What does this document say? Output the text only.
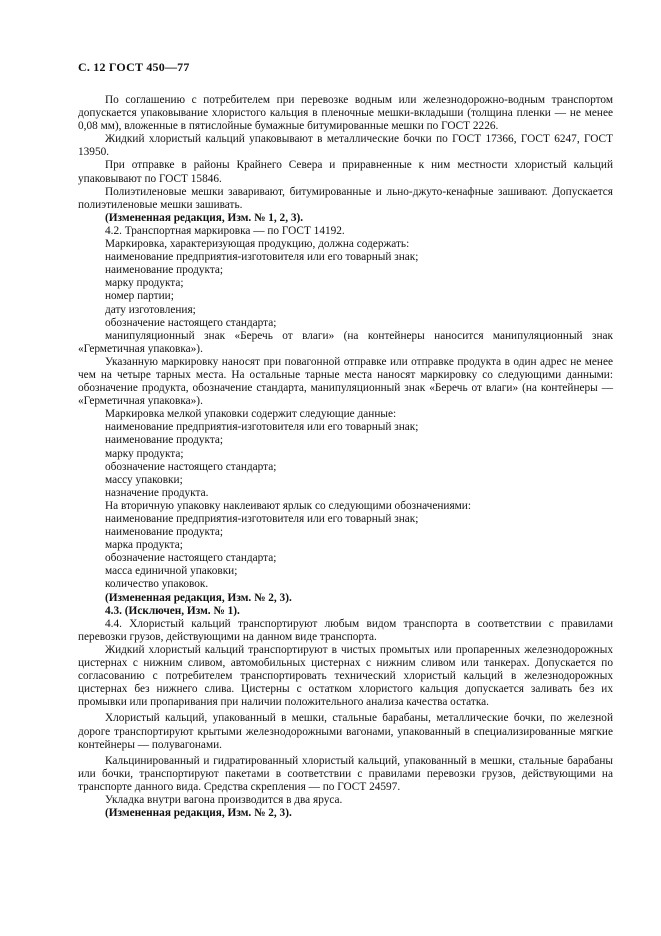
С. 12 ГОСТ 450—77

По соглашению с потребителем при перевозке водным или железнодорожно-водным транспортом допускается упаковывание хлористого кальция в пленочные мешки-вкладыши (толщина пленки — не менее 0,08 мм), вложенные в пятислойные бумажные битумированные мешки по ГОСТ 2226.

Жидкий хлористый кальций упаковывают в металлические бочки по ГОСТ 17366, ГОСТ 6247, ГОСТ 13950.

При отправке в районы Крайнего Севера и приравненные к ним местности хлористый кальций упаковывают по ГОСТ 15846.

Полиэтиленовые мешки заваривают, битумированные и льно-джуто-кенафные зашивают. Допускается полиэтиленовые мешки зашивать.

(Измененная редакция, Изм. № 1, 2, 3).

4.2. Транспортная маркировка — по ГОСТ 14192.

Маркировка, характеризующая продукцию, должна содержать:

наименование предприятия-изготовителя или его товарный знак;

наименование продукта;

марку продукта;

номер партии;

дату изготовления;

обозначение настоящего стандарта;

манипуляционный знак «Беречь от влаги» (на контейнеры наносится манипуляционный знак «Герметичная упаковка»).

Указанную маркировку наносят при повагонной отправке или отправке продукта в один адрес не менее чем на четыре тарных места. На остальные тарные места наносят маркировку со следующими данными: обозначение продукта, обозначение стандарта, манипуляционный знак «Беречь от влаги» (на контейнеры — «Герметичная упаковка»).

Маркировка мелкой упаковки содержит следующие данные:

наименование предприятия-изготовителя или его товарный знак;

наименование продукта;

марку продукта;

обозначение настоящего стандарта;

массу упаковки;

назначение продукта.

На вторичную упаковку наклеивают ярлык со следующими обозначениями:

наименование предприятия-изготовителя или его товарный знак;

наименование продукта;

марка продукта;

обозначение настоящего стандарта;

масса единичной упаковки;

количество упаковок.

(Измененная редакция, Изм. № 2, 3).

4.3. (Исключен, Изм. № 1).

4.4. Хлористый кальций транспортируют любым видом транспорта в соответствии с правилами перевозки грузов, действующими на данном виде транспорта.

Жидкий хлористый кальций транспортируют в чистых промытых или пропаренных железнодорожных цистернах с нижним сливом, автомобильных цистернах с нижним сливом или танкерах. Допускается по согласованию с потребителем транспортировать технический хлористый кальций в железнодорожных цистернах без нижнего слива. Цистерны с остатком хлористого кальция допускается заливать без их промывки или пропаривания при наличии положительного анализа качества остатка.

Хлористый кальций, упакованный в мешки, стальные барабаны, металлические бочки, по железной дороге транспортируют крытыми железнодорожными вагонами, упакованный в специализированные мягкие контейнеры — полувагонами.

Кальцинированный и гидратированный хлористый кальций, упакованный в мешки, стальные барабаны или бочки, транспортируют пакетами в соответствии с правилами перевозки грузов, действующими на транспорте данного вида. Средства скрепления — по ГОСТ 24597.

Укладка внутри вагона производится в два яруса.

(Измененная редакция, Изм. № 2, 3).
